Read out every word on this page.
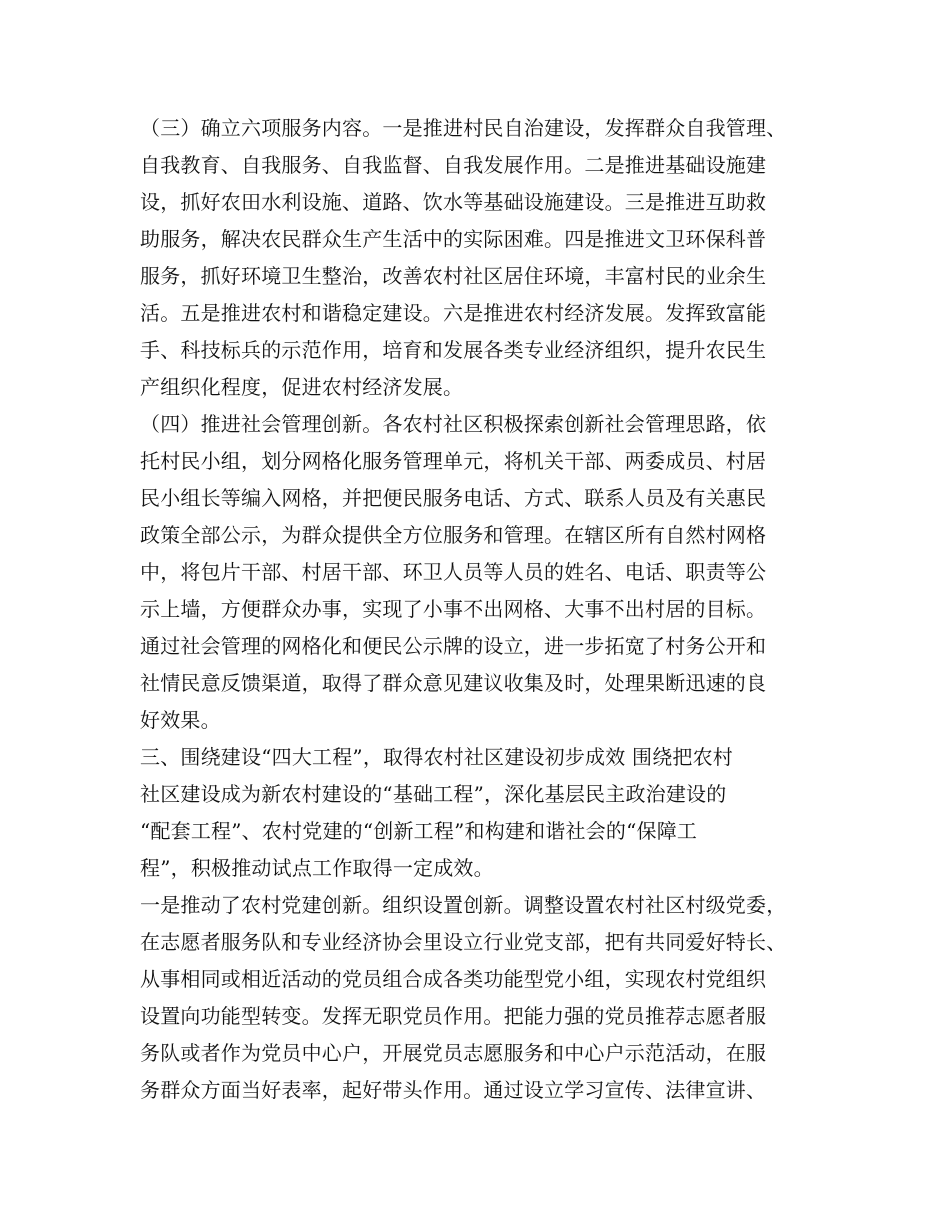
（三）确立六项服务内容。一是推进村民自治建设，发挥群众自我管理、
自我教育、自我服务、自我监督、自我发展作用。二是推进基础设施建
设，抓好农田水利设施、道路、饮水等基础设施建设。三是推进互助救
助服务，解决农民群众生产生活中的实际困难。四是推进文卫环保科普
服务，抓好环境卫生整治，改善农村社区居住环境，丰富村民的业余生
活。五是推进农村和谐稳定建设。六是推进农村经济发展。发挥致富能
手、科技标兵的示范作用，培育和发展各类专业经济组织，提升农民生
产组织化程度，促进农村经济发展。
（四）推进社会管理创新。各农村社区积极探索创新社会管理思路，依
托村民小组，划分网格化服务管理单元，将机关干部、两委成员、村居
民小组长等编入网格，并把便民服务电话、方式、联系人员及有关惠民
政策全部公示，为群众提供全方位服务和管理。在辖区所有自然村网格
中，将包片干部、村居干部、环卫人员等人员的姓名、电话、职责等公
示上墙，方便群众办事，实现了小事不出网格、大事不出村居的目标。
通过社会管理的网格化和便民公示牌的设立，进一步拓宽了村务公开和
社情民意反馈渠道，取得了群众意见建议收集及时，处理果断迅速的良
好效果。
三、围绕建设“四大工程”，取得农村社区建设初步成效 围绕把农村
社区建设成为新农村建设的“基础工程”，深化基层民主政治建设的
“配套工程”、农村党建的“创新工程”和构建和谐社会的“保障工
程”，积极推动试点工作取得一定成效。
一是推动了农村党建创新。组织设置创新。调整设置农村社区村级党委，
在志愿者服务队和专业经济协会里设立行业党支部，把有共同爱好特长、
从事相同或相近活动的党员组合成各类功能型党小组，实现农村党组织
设置向功能型转变。发挥无职党员作用。把能力强的党员推荐志愿者服
务队或者作为党员中心户，开展党员志愿服务和中心户示范活动，在服
务群众方面当好表率，起好带头作用。通过设立学习宣传、法律宣讲、
